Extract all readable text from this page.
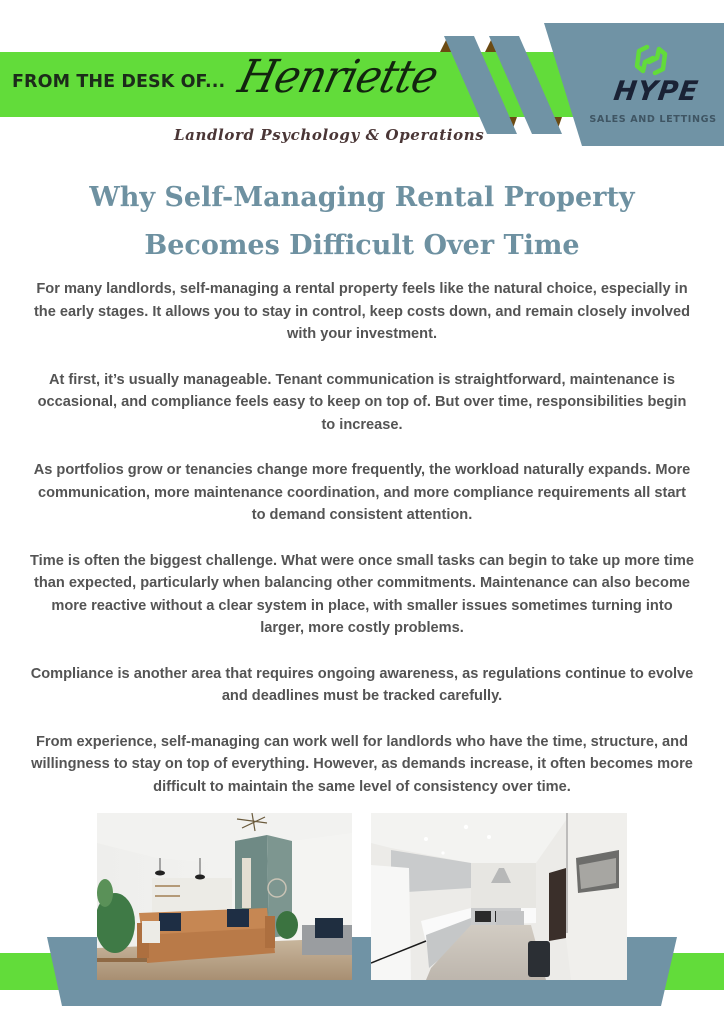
FROM THE DESK OF... Henriette
Landlord Psychology & Operations
HYPE
SALES AND LETTINGS
Why Self-Managing Rental Property
Becomes Difficult Over Time

For many landlords, self-managing a rental property feels like the natural choice, especially in the early stages. It allows you to stay in control, keep costs down, and remain closely involved with your investment.

At first, it’s usually manageable. Tenant communication is straightforward, maintenance is occasional, and compliance feels easy to keep on top of. But over time, responsibilities begin to increase.

As portfolios grow or tenancies change more frequently, the workload naturally expands. More communication, more maintenance coordination, and more compliance requirements all start to demand consistent attention.

Time is often the biggest challenge. What were once small tasks can begin to take up more time than expected, particularly when balancing other commitments. Maintenance can also become more reactive without a clear system in place, with smaller issues sometimes turning into larger, more costly problems.

Compliance is another area that requires ongoing awareness, as regulations continue to evolve and deadlines must be tracked carefully.

From experience, self-managing can work well for landlords who have the time, structure, and willingness to stay on top of everything. However, as demands increase, it often becomes more difficult to maintain the same level of consistency over time.
